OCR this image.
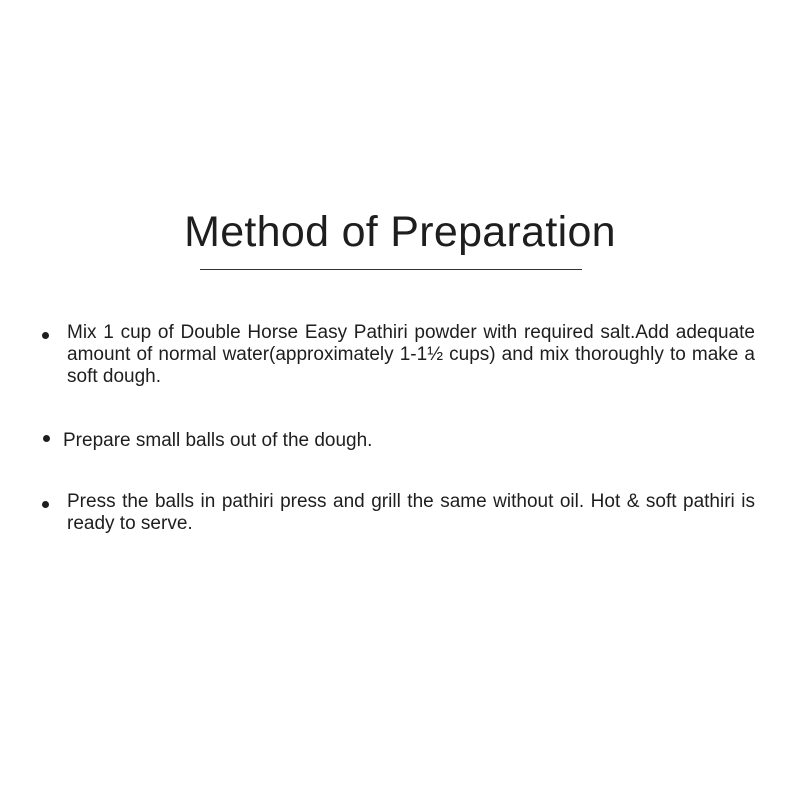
Method of Preparation
Mix 1 cup of Double Horse Easy Pathiri powder with required salt.Add adequate amount of normal water(approximately 1-1½ cups) and mix thoroughly to make a soft dough.
Prepare small balls out of the dough.
Press the balls in pathiri press and grill the same without oil. Hot & soft pathiri is ready to serve.
